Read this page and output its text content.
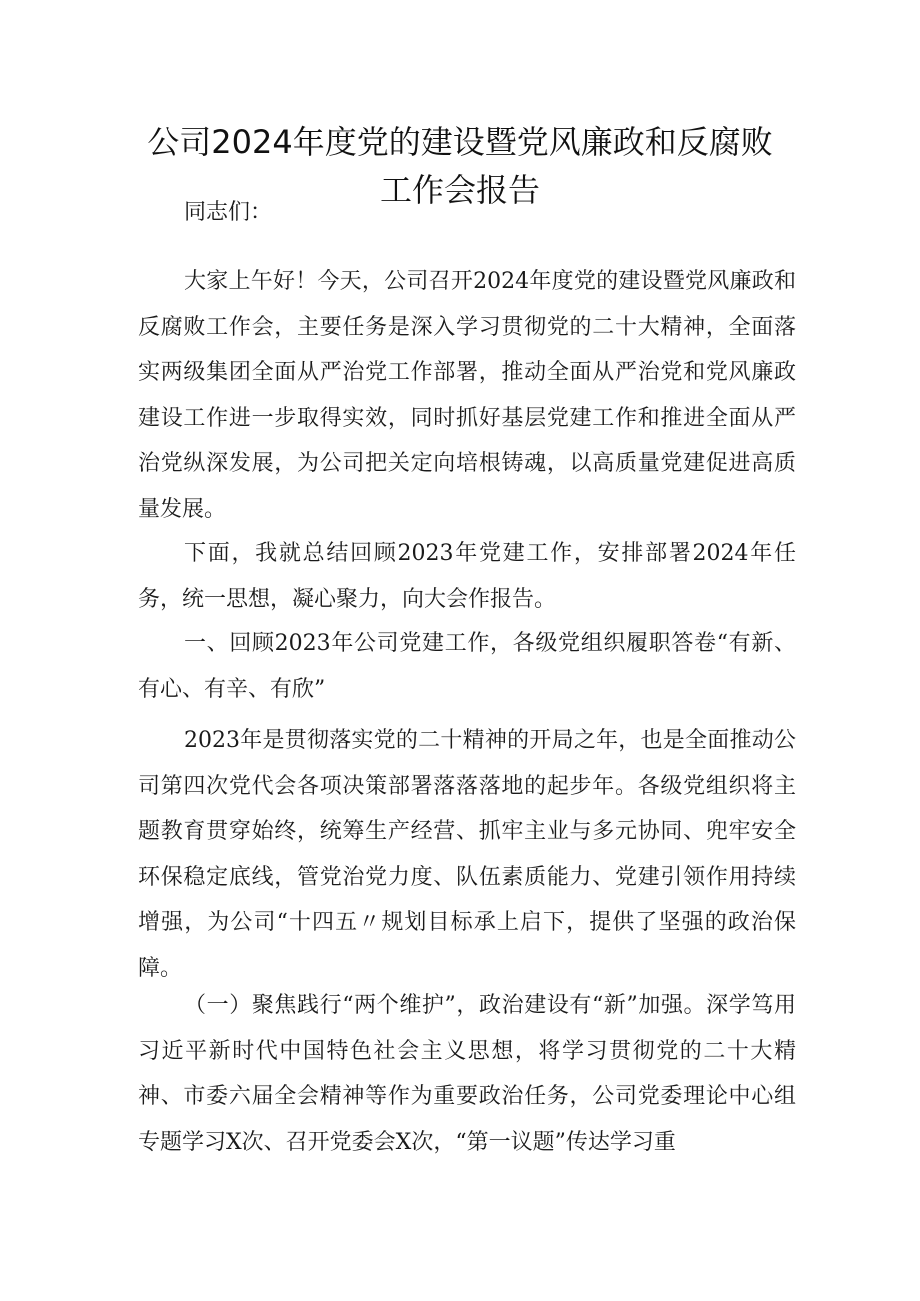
公司2024年度党的建设暨党风廉政和反腐败
工作会报告

同志们：

大家上午好！今天，公司召开2024年度党的建设暨党风廉政和反腐败工作会，主要任务是深入学习贯彻党的二十大精神，全面落实两级集团全面从严治党工作部署，推动全面从严治党和党风廉政建设工作进一步取得实效，同时抓好基层党建工作和推进全面从严治党纵深发展，为公司把关定向培根铸魂，以高质量党建促进高质量发展。

下面，我就总结回顾2023年党建工作，安排部署2024年任务，统一思想，凝心聚力，向大会作报告。

一、回顾2023年公司党建工作，各级党组织履职答卷“有新、有心、有辛、有欣”

2023年是贯彻落实党的二十精神的开局之年，也是全面推动公司第四次党代会各项决策部署落落落地的起步年。各级党组织将主题教育贯穿始终，统筹生产经营、抓牢主业与多元协同、兜牢安全环保稳定底线，管党治党力度、队伍素质能力、党建引领作用持续增强，为公司“十四五〃规划目标承上启下，提供了坚强的政治保障。

（一）聚焦践行“两个维护”，政治建设有“新”加强。深学笃用习近平新时代中国特色社会主义思想，将学习贯彻党的二十大精神、市委六届全会精神等作为重要政治任务，公司党委理论中心组专题学习X次、召开党委会X次，“第一议题”传达学习重
